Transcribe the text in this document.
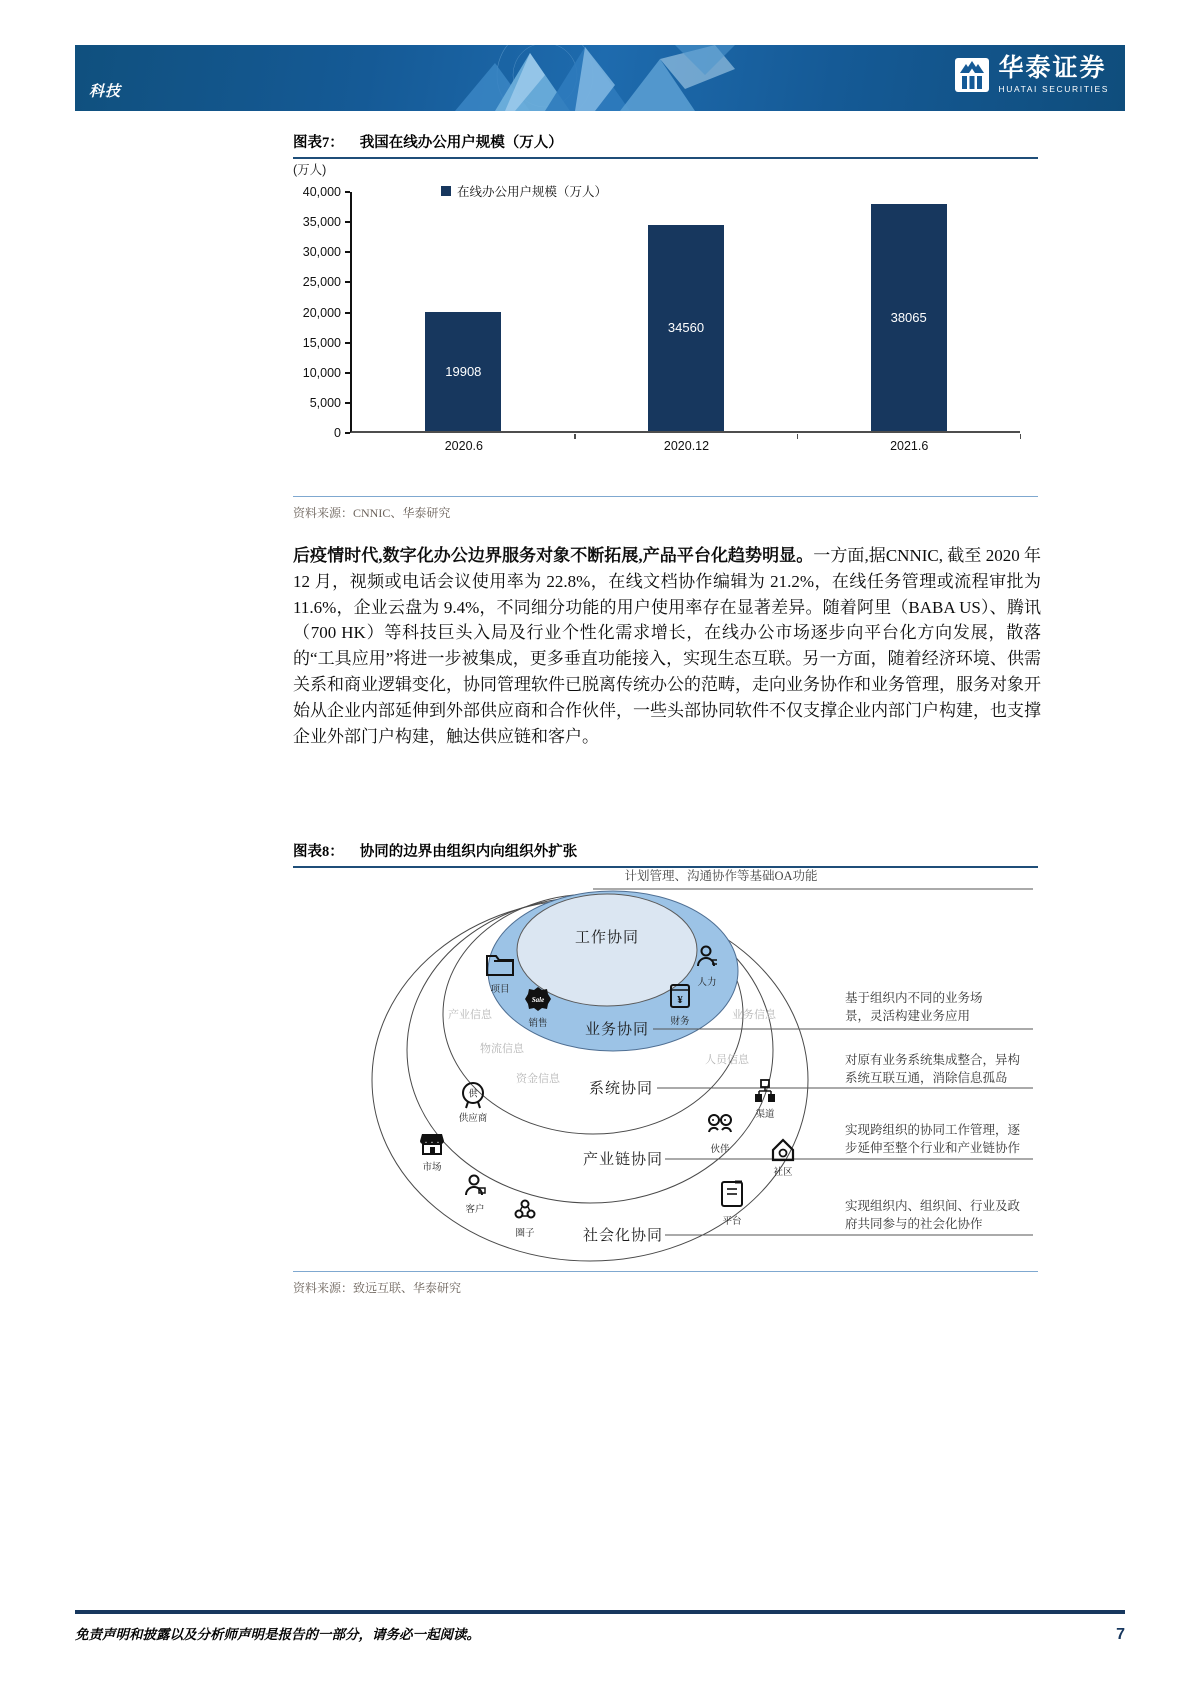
科技
华泰证券
HUATAI SECURITIES
图表7： 我国在线办公用户规模（万人）
(万人)
在线办公用户规模（万人）
40,000
35,000
30,000
25,000
20,000
15,000
10,000
5,000
0
19908
34560
38065
2020.6	2020.12	2021.6
资料来源：CNNIC、华泰研究
后疫情时代,数字化办公边界服务对象不断拓展,产品平台化趋势明显。一方面,据CNNIC, 截至 2020 年 12 月，视频或电话会议使用率为 22.8%，在线文档协作编辑为 21.2%，在线任务管理或流程审批为 11.6%，企业云盘为 9.4%，不同细分功能的用户使用率存在显著差异。随着阿里（BABA US）、腾讯（700 HK）等科技巨头入局及行业个性化需求增长，在线办公市场逐步向平台化方向发展，散落的“工具应用”将进一步被集成，更多垂直功能接入，实现生态互联。另一方面，随着经济环境、供需关系和商业逻辑变化，协同管理软件已脱离传统办公的范畴，走向业务协作和业务管理，服务对象开始从企业内部延伸到外部供应商和合作伙伴，一些头部协同软件不仅支撑企业内部门户构建，也支撑企业外部门户构建，触达供应链和客户。
图表8： 协同的边界由组织内向组织外扩张
计划管理、沟通协作等基础OA功能
工作协同
业务协同
系统协同
产业链协同
社会化协同
产业信息	业务信息
物流信息
人员信息
资金信息
项目
人力
Sale
销售
¥
财务
供
供应商	渠道
伙伴
社区
市场
客户
圈子
平台
基于组织内不同的业务场 景，灵活构建业务应用
对原有业务系统集成整合，异构 系统互联互通，消除信息孤岛
实现跨组织的协同工作管理，逐 步延伸至整个行业和产业链协作
实现组织内、组织间、行业及政 府共同参与的社会化协作
资料来源：致远互联、华泰研究
免责声明和披露以及分析师声明是报告的一部分，请务必一起阅读。	7
